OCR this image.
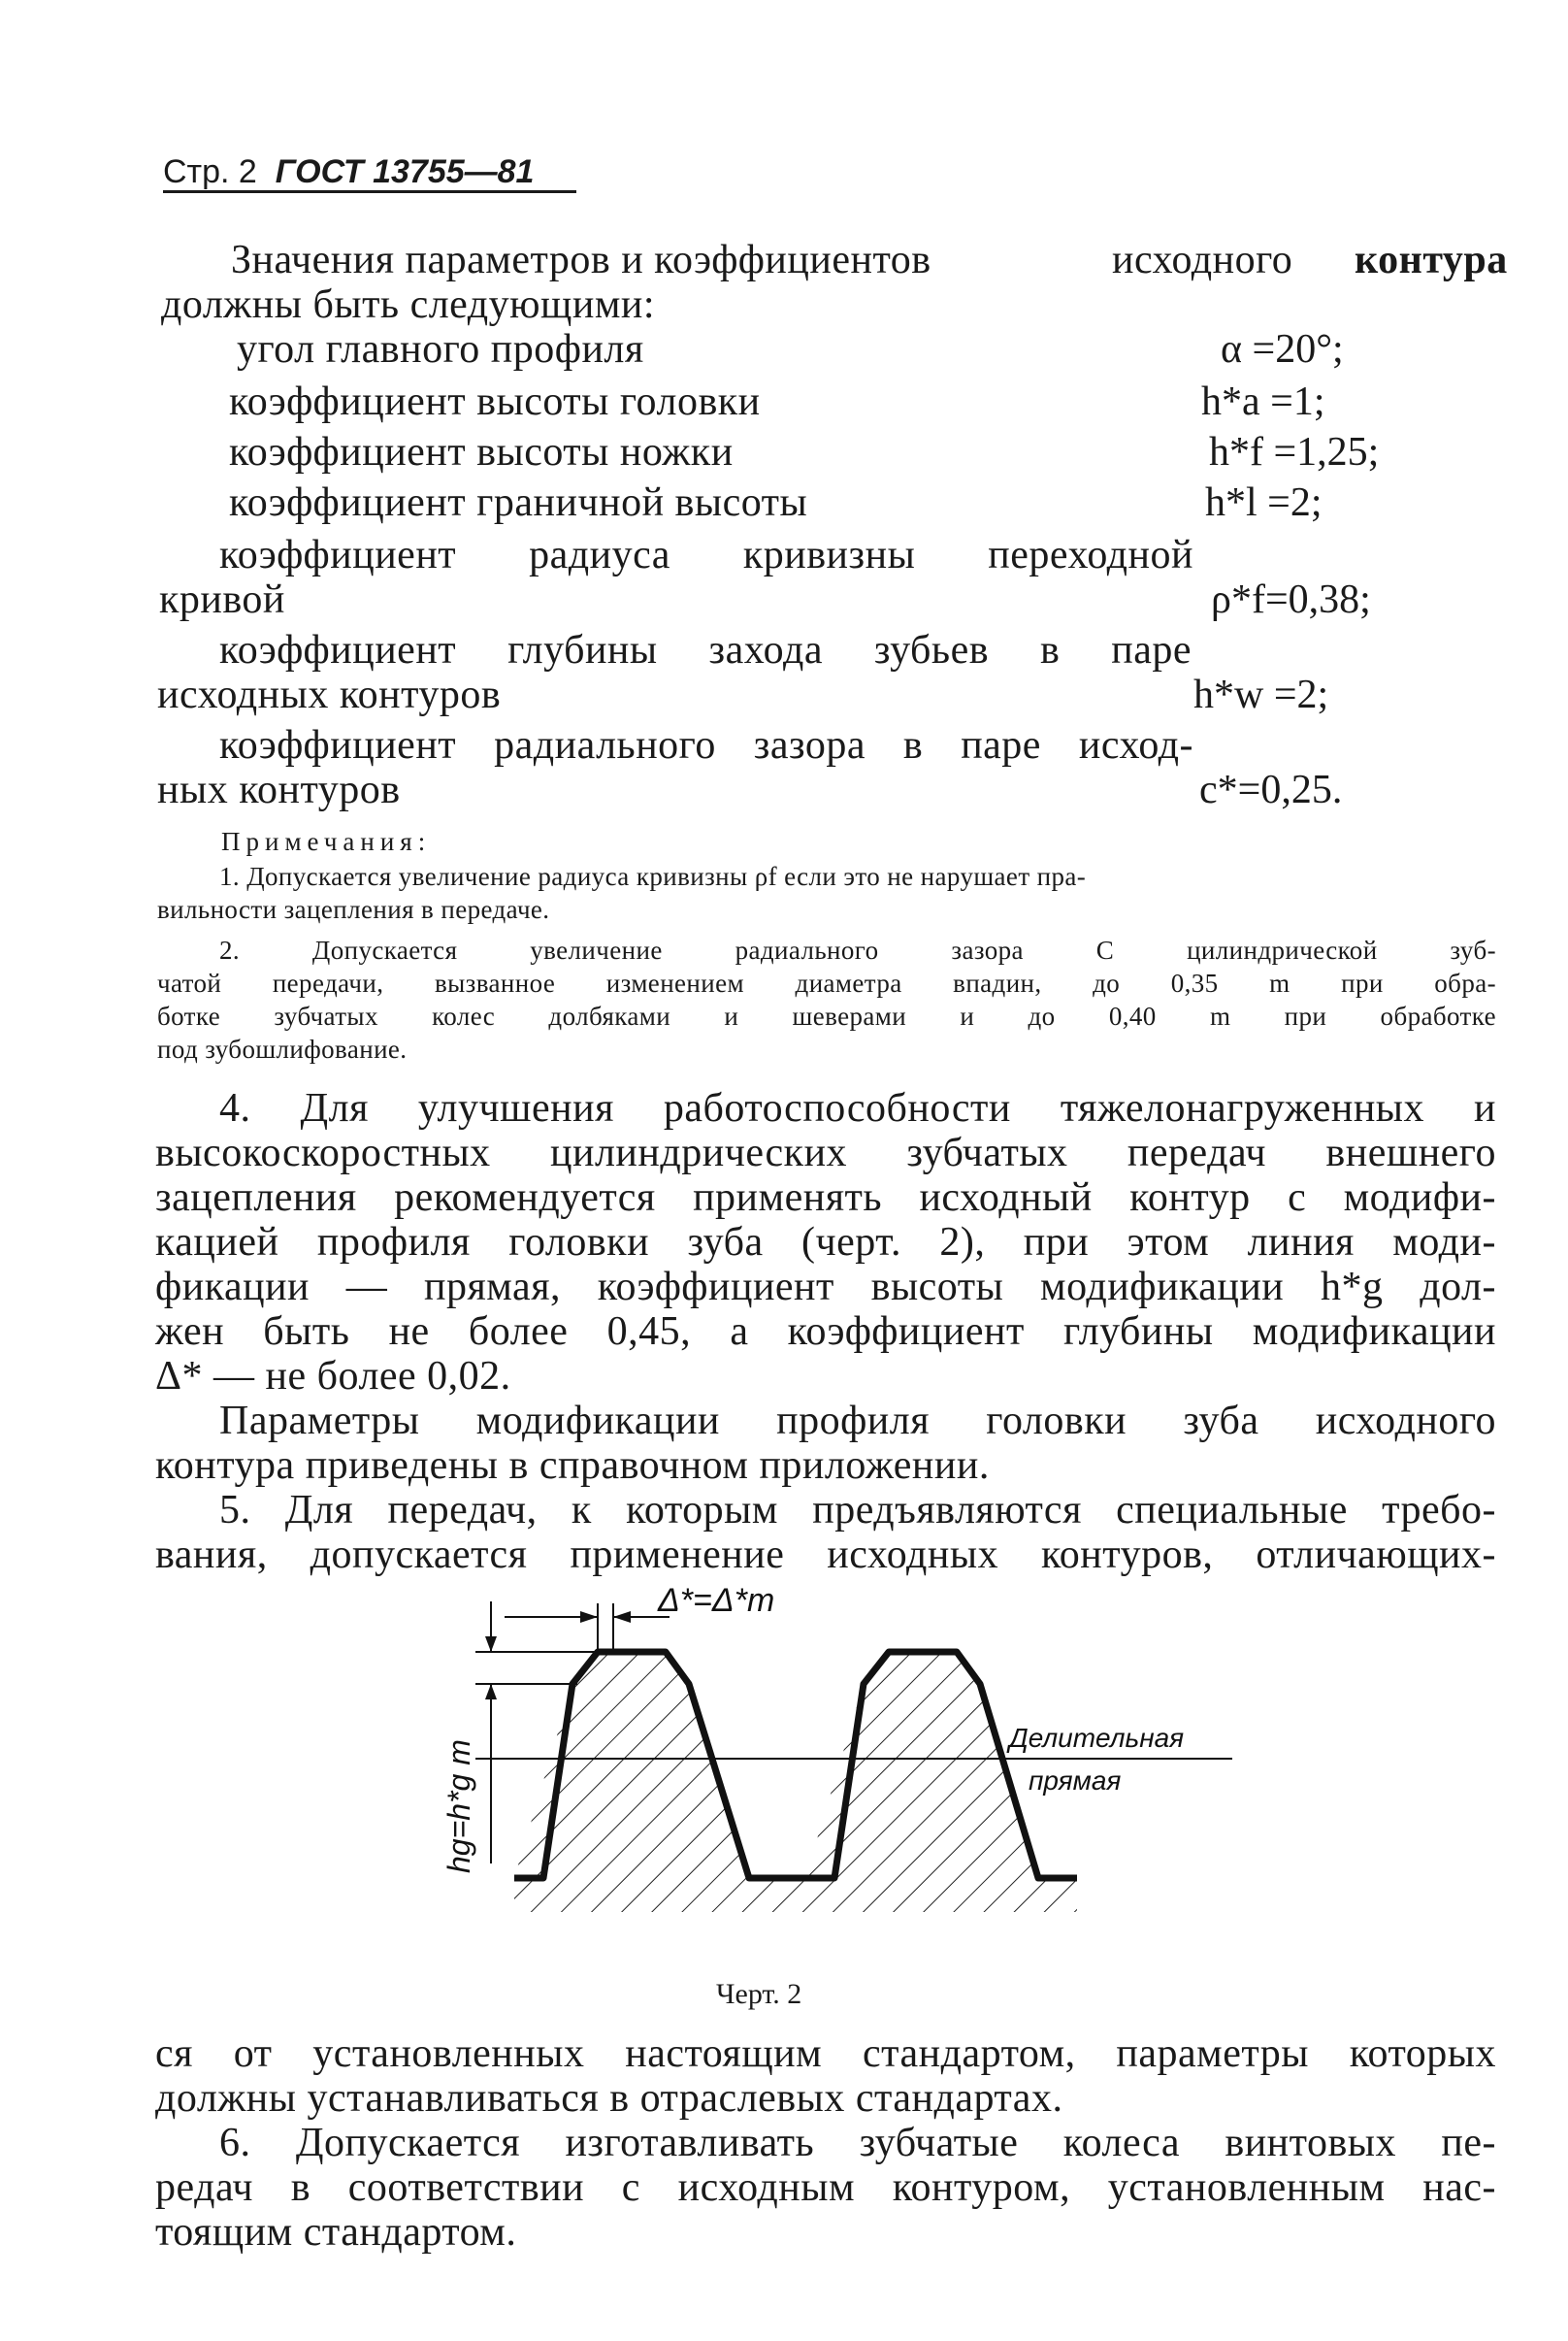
Стр. 2 ГОСТ 13755—81
Значения параметров и коэффициентов	исходного контура
должны быть следующими:
угол главного профиля	α =20°;
коэффициент высоты головки	h*a =1;
коэффициент высоты ножки	h*f =1,25;
коэффициент граничной высоты	h*l =2;
коэффициент радиуса кривизны переходной
кривой	ρ*f=0,38;
коэффициент глубины захода зубьев в паре
исходных контуров	h*w =2;
коэффициент радиального зазора в паре исход-
ных контуров	c*=0,25.
Примечания:
1. Допускается увеличение радиуса кривизны ρf если это не нарушает пра-
вильности зацепления в передаче.
2. Допускается увеличение радиального зазора С цилиндрической зуб-
чатой передачи, вызванное изменением диаметра впадин, до 0,35 m при обра-
ботке зубчатых колес долбяками и шеверами и до 0,40 m при обработке
под зубошлифование.
4. Для улучшения работоспособности тяжелонагруженных и
высокоскоростных цилиндрических зубчатых передач внешнего
зацепления рекомендуется применять исходный контур с модифи-
кацией профиля головки зуба (черт. 2), при этом линия моди-
фикации — прямая, коэффициент высоты модификации h*g дол-
жен быть не более 0,45, а коэффициент глубины модификации
Δ* — не более 0,02.
Параметры модификации профиля головки зуба исходного
контура приведены в справочном приложении.
5. Для передач, к которым предъявляются специальные требо-
вания, допускается применение исходных контуров, отличающих-
Δ*=Δ*m
hg=h*g m
Делительная
прямая
Черт. 2
ся от установленных настоящим стандартом, параметры которых
должны устанавливаться в отраслевых стандартах.
6. Допускается изготавливать зубчатые колеса винтовых пе-
редач в соответствии с исходным контуром, установленным нас-
тоящим стандартом.
